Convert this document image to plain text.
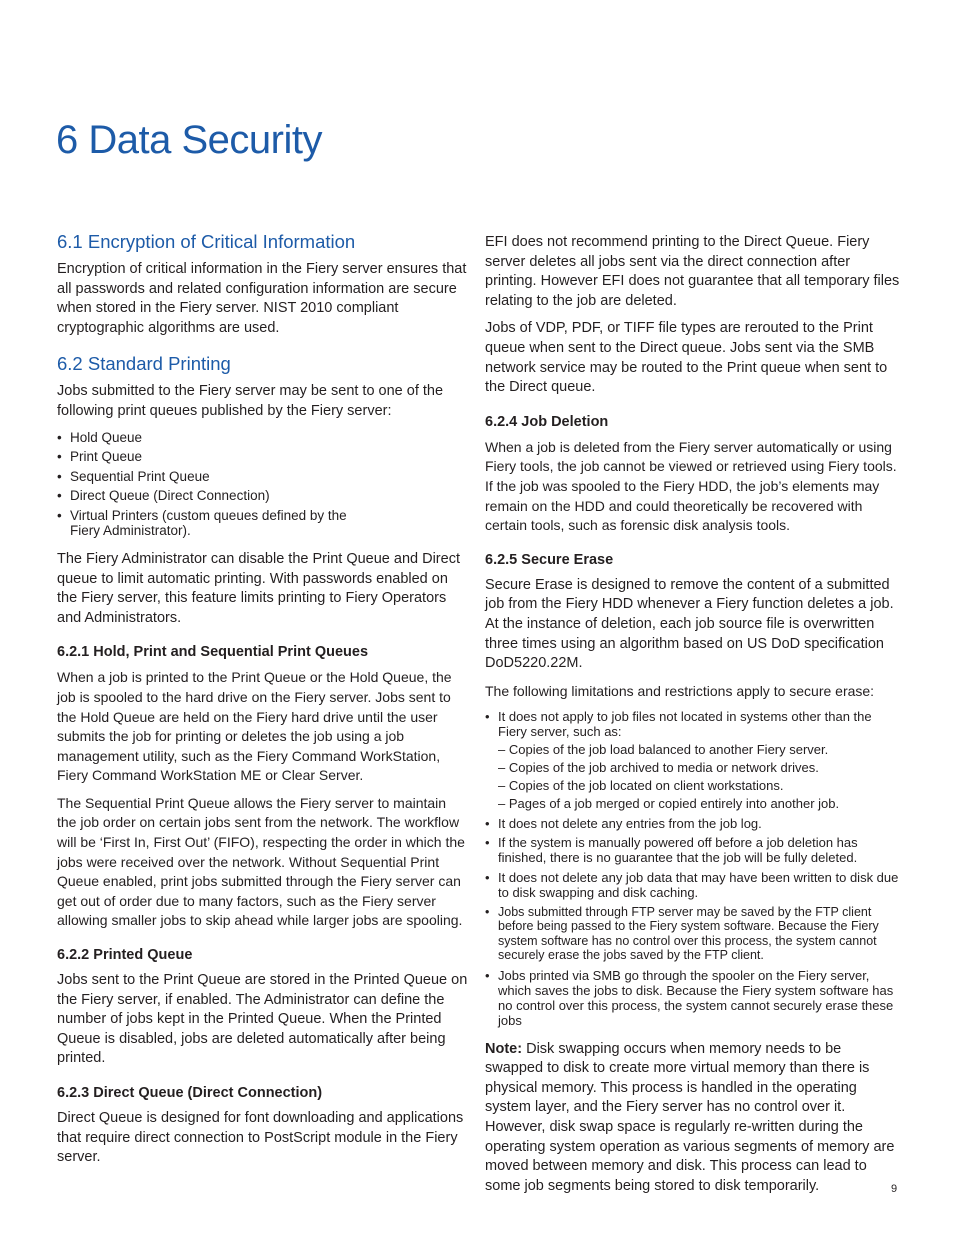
6 Data Security
6.1 Encryption of Critical Information

Encryption of critical information in the Fiery server ensures that all passwords and related configuration information are secure when stored in the Fiery server. NIST 2010 compliant cryptographic algorithms are used.

6.2 Standard Printing

Jobs submitted to the Fiery server may be sent to one of the following print queues published by the Fiery server:

• Hold Queue
• Print Queue
• Sequential Print Queue
• Direct Queue (Direct Connection)
• Virtual Printers (custom queues defined by the Fiery Administrator).

The Fiery Administrator can disable the Print Queue and Direct queue to limit automatic printing. With passwords enabled on the Fiery server, this feature limits printing to Fiery Operators and Administrators.

6.2.1 Hold, Print and Sequential Print Queues

When a job is printed to the Print Queue or the Hold Queue, the job is spooled to the hard drive on the Fiery server. Jobs sent to the Hold Queue are held on the Fiery hard drive until the user submits the job for printing or deletes the job using a job management utility, such as the Fiery Command WorkStation, Fiery Command WorkStation ME or Clear Server.

The Sequential Print Queue allows the Fiery server to maintain the job order on certain jobs sent from the network. The workflow will be ‘First In, First Out’ (FIFO), respecting the order in which the jobs were received over the network. Without Sequential Print Queue enabled, print jobs submitted through the Fiery server can get out of order due to many factors, such as the Fiery server allowing smaller jobs to skip ahead while larger jobs are spooling.

6.2.2 Printed Queue

Jobs sent to the Print Queue are stored in the Printed Queue on the Fiery server, if enabled. The Administrator can define the number of jobs kept in the Printed Queue. When the Printed Queue is disabled, jobs are deleted automatically after being printed.

6.2.3 Direct Queue (Direct Connection)

Direct Queue is designed for font downloading and applications that require direct connection to PostScript module in the Fiery server.

EFI does not recommend printing to the Direct Queue. Fiery server deletes all jobs sent via the direct connection after printing. However EFI does not guarantee that all temporary files relating to the job are deleted.

Jobs of VDP, PDF, or TIFF file types are rerouted to the Print queue when sent to the Direct queue. Jobs sent via the SMB network service may be routed to the Print queue when sent to the Direct queue.

6.2.4 Job Deletion

When a job is deleted from the Fiery server automatically or using Fiery tools, the job cannot be viewed or retrieved using Fiery tools. If the job was spooled to the Fiery HDD, the job’s elements may remain on the HDD and could theoretically be recovered with certain tools, such as forensic disk analysis tools.

6.2.5 Secure Erase

Secure Erase is designed to remove the content of a submitted job from the Fiery HDD whenever a Fiery function deletes a job. At the instance of deletion, each job source file is overwritten three times using an algorithm based on US DoD specification DoD5220.22M.

The following limitations and restrictions apply to secure erase:

• It does not apply to job files not located in systems other than the Fiery server, such as:
– Copies of the job load balanced to another Fiery server.
– Copies of the job archived to media or network drives.
– Copies of the job located on client workstations.
– Pages of a job merged or copied entirely into another job.
• It does not delete any entries from the job log.
• If the system is manually powered off before a job deletion has finished, there is no guarantee that the job will be fully deleted.
• It does not delete any job data that may have been written to disk due to disk swapping and disk caching.
• Jobs submitted through FTP server may be saved by the FTP client before being passed to the Fiery system software. Because the Fiery system software has no control over this process, the system cannot securely erase the jobs saved by the FTP client.
• Jobs printed via SMB go through the spooler on the Fiery server, which saves the jobs to disk. Because the Fiery system software has no control over this process, the system cannot securely erase these jobs

Note: Disk swapping occurs when memory needs to be swapped to disk to create more virtual memory than there is physical memory. This process is handled in the operating system layer, and the Fiery server has no control over it. However, disk swap space is regularly re-written during the operating system operation as various segments of memory are moved between memory and disk. This process can lead to some job segments being stored to disk temporarily.	9
